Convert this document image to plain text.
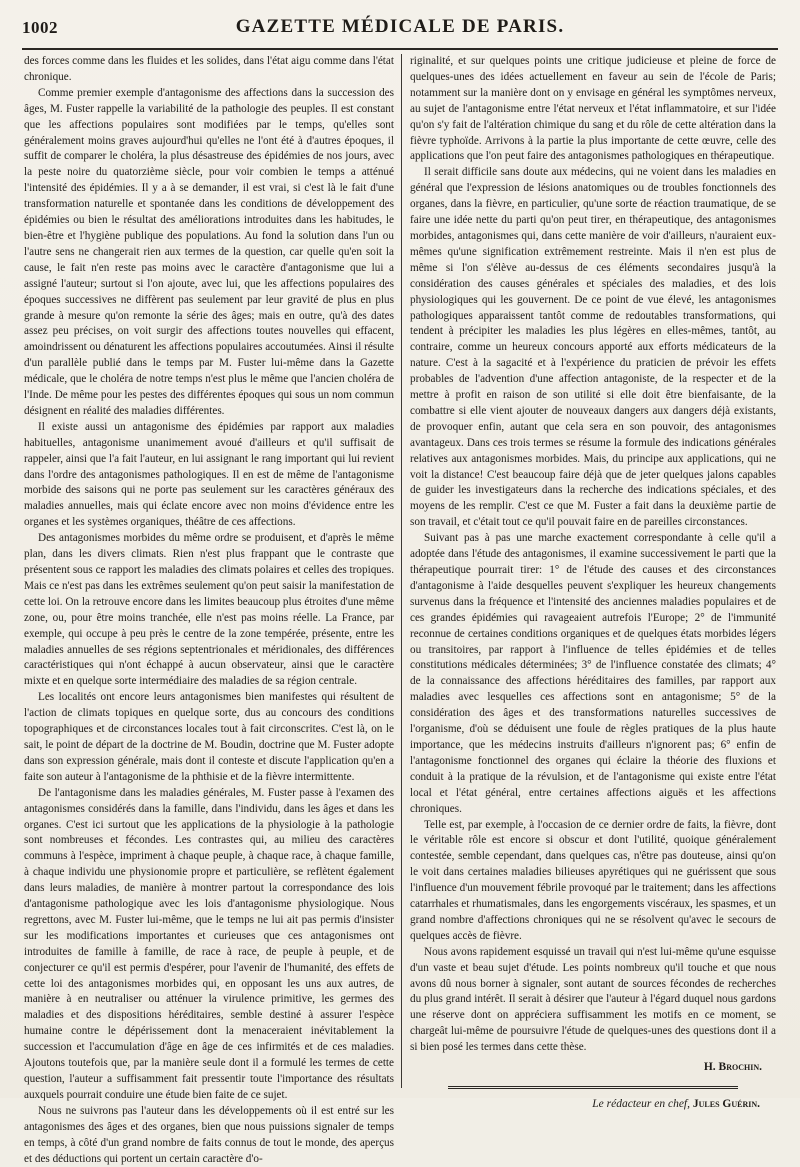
1002	GAZETTE MÉDICALE DE PARIS.

des forces comme dans les fluides et les solides, dans l'état aigu comme dans l'état chronique.

Comme premier exemple d'antagonisme des affections dans la succession des âges, M. Fuster rappelle la variabilité de la pathologie des peuples. Il est constant que les affections populaires sont modifiées par le temps, qu'elles sont généralement moins graves aujourd'hui qu'elles ne l'ont été à d'autres époques, il suffit de comparer le choléra, la plus désastreuse des épidémies de nos jours, avec la peste noire du quatorzième siècle, pour voir combien le temps a atténué l'intensité des épidémies. Il y a à se demander, il est vrai, si c'est là le fait d'une transformation naturelle et spontanée dans les conditions de développement des épidémies ou bien le résultat des améliorations introduites dans les habitudes, le bien-être et l'hygiène publique des populations. Au fond la solution dans l'un ou l'autre sens ne changerait rien aux termes de la question, car quelle qu'en soit la cause, le fait n'en reste pas moins avec le caractère d'antagonisme que lui a assigné l'auteur; surtout si l'on ajoute, avec lui, que les affections populaires des époques successives ne diffèrent pas seulement par leur gravité de plus en plus grande à mesure qu'on remonte la série des âges; mais en outre, qu'à des dates assez peu précises, on voit surgir des affections toutes nouvelles qui effacent, amoindrissent ou dénaturent les affections populaires accoutumées. Ainsi il résulte d'un parallèle publié dans le temps par M. Fuster lui-même dans la Gazette médicale, que le choléra de notre temps n'est plus le même que l'ancien choléra de l'Inde. De même pour les pestes des différentes époques qui sous un nom commun désignent en réalité des maladies différentes.

Il existe aussi un antagonisme des épidémies par rapport aux maladies habituelles, antagonisme unanimement avoué d'ailleurs et qu'il suffisait de rappeler, ainsi que l'a fait l'auteur, en lui assignant le rang important qui lui revient dans l'ordre des antagonismes pathologiques. Il en est de même de l'antagonisme morbide des saisons qui ne porte pas seulement sur les caractères généraux des maladies annuelles, mais qui éclate encore avec non moins d'évidence entre les organes et les systèmes organiques, théâtre de ces affections.

Des antagonismes morbides du même ordre se produisent, et d'après le même plan, dans les divers climats. Rien n'est plus frappant que le contraste que présentent sous ce rapport les maladies des climats polaires et celles des tropiques. Mais ce n'est pas dans les extrêmes seulement qu'on peut saisir la manifestation de cette loi. On la retrouve encore dans les limites beaucoup plus étroites d'une même zone, ou, pour être moins tranchée, elle n'est pas moins réelle. La France, par exemple, qui occupe à peu près le centre de la zone tempérée, présente, entre les maladies annuelles de ses régions septentrionales et méridionales, des différences caractéristiques qui n'ont échappé à aucun observateur, ainsi que le caractère mixte et en quelque sorte intermédiaire des maladies de sa région centrale.

Les localités ont encore leurs antagonismes bien manifestes qui résultent de l'action de climats topiques en quelque sorte, dus au concours des conditions topographiques et de circonstances locales tout à fait circonscrites. C'est là, on le sait, le point de départ de la doctrine de M. Boudin, doctrine que M. Fuster adopte dans son expression générale, mais dont il conteste et discute l'application qu'en a faite son auteur à l'antagonisme de la phthisie et de la fièvre intermittente.

De l'antagonisme dans les maladies générales, M. Fuster passe à l'examen des antagonismes considérés dans la famille, dans l'individu, dans les âges et dans les organes. C'est ici surtout que les applications de la physiologie à la pathologie sont nombreuses et fécondes. Les contrastes qui, au milieu des caractères communs à l'espèce, impriment à chaque peuple, à chaque race, à chaque famille, à chaque individu une physionomie propre et particulière, se reflètent également dans leurs maladies, de manière à montrer partout la correspondance des lois d'antagonisme pathologique avec les lois d'antagonisme physiologique. Nous regrettons, avec M. Fuster lui-même, que le temps ne lui ait pas permis d'insister sur les modifications importantes et curieuses que ces antagonismes ont introduites de famille à famille, de race à race, de peuple à peuple, et de conjecturer ce qu'il est permis d'espérer, pour l'avenir de l'humanité, des effets de cette loi des antagonismes morbides qui, en opposant les uns aux autres, de manière à en neutraliser ou atténuer la virulence primitive, les germes des maladies et des dispositions héréditaires, semble destiné à assurer l'espèce humaine contre le dépérissement dont la menaceraient inévitablement la succession et l'accumulation d'âge en âge de ces infirmités et de ces maladies. Ajoutons toutefois que, par la manière seule dont il a formulé les termes de cette question, l'auteur a suffisamment fait pressentir toute l'importance des résultats auxquels pourrait conduire une étude bien faite de ce sujet.

Nous ne suivrons pas l'auteur dans les développements où il est entré sur les antagonismes des âges et des organes, bien que nous puissions signaler de temps en temps, à côté d'un grand nombre de faits connus de tout le monde, des aperçus et des déductions qui portent un certain caractère d'o-

riginalité, et sur quelques points une critique judicieuse et pleine de force de quelques-unes des idées actuellement en faveur au sein de l'école de Paris; notamment sur la manière dont on y envisage en général les symptômes nerveux, au sujet de l'antagonisme entre l'état nerveux et l'état inflammatoire, et sur l'idée qu'on s'y fait de l'altération chimique du sang et du rôle de cette altération dans la fièvre typhoïde. Arrivons à la partie la plus importante de cette œuvre, celle des applications que l'on peut faire des antagonismes pathologiques en thérapeutique.

Il serait difficile sans doute aux médecins, qui ne voient dans les maladies en général que l'expression de lésions anatomiques ou de troubles fonctionnels des organes, dans la fièvre, en particulier, qu'une sorte de réaction traumatique, de se faire une idée nette du parti qu'on peut tirer, en thérapeutique, des antagonismes morbides, antagonismes qui, dans cette manière de voir d'ailleurs, n'auraient eux-mêmes qu'une signification extrêmement restreinte. Mais il n'en est plus de même si l'on s'élève au-dessus de ces éléments secondaires jusqu'à la considération des causes générales et spéciales des maladies, et des lois physiologiques qui les gouvernent. De ce point de vue élevé, les antagonismes pathologiques apparaissent tantôt comme de redoutables transformations, qui tendent à précipiter les maladies les plus légères en elles-mêmes, tantôt, au contraire, comme un heureux concours apporté aux efforts médicateurs de la nature. C'est à la sagacité et à l'expérience du praticien de prévoir les effets probables de l'advention d'une affection antagoniste, de la respecter et de la mettre à profit en raison de son utilité si elle doit être bienfaisante, de la combattre si elle vient ajouter de nouveaux dangers aux dangers déjà existants, de provoquer enfin, autant que cela sera en son pouvoir, des antagonismes avantageux. Dans ces trois termes se résume la formule des indications générales relatives aux antagonismes morbides. Mais, du principe aux applications, qui ne voit la distance! C'est beaucoup faire déjà que de jeter quelques jalons capables de guider les investigateurs dans la recherche des indications spéciales, et des moyens de les remplir. C'est ce que M. Fuster a fait dans la deuxième partie de son travail, et c'était tout ce qu'il pouvait faire en de pareilles circonstances.

Suivant pas à pas une marche exactement correspondante à celle qu'il a adoptée dans l'étude des antagonismes, il examine successivement le parti que la thérapeutique pourrait tirer: 1° de l'étude des causes et des circonstances d'antagonisme à l'aide desquelles peuvent s'expliquer les heureux changements survenus dans la fréquence et l'intensité des anciennes maladies populaires et de ces grandes épidémies qui ravageaient autrefois l'Europe; 2° de l'immunité reconnue de certaines conditions organiques et de quelques états morbides légers ou transitoires, par rapport à l'influence de telles épidémies et de telles constitutions médicales déterminées; 3° de l'influence constatée des climats; 4° de la connaissance des affections héréditaires des familles, par rapport aux maladies avec lesquelles ces affections sont en antagonisme; 5° de la considération des âges et des transformations naturelles successives de l'organisme, d'où se déduisent une foule de règles pratiques de la plus haute importance, que les médecins instruits d'ailleurs n'ignorent pas; 6° enfin de l'antagonisme fonctionnel des organes qui éclaire la théorie des fluxions et conduit à la pratique de la révulsion, et de l'antagonisme qui existe entre l'état local et l'état général, entre certaines affections aiguës et les affections chroniques.

Telle est, par exemple, à l'occasion de ce dernier ordre de faits, la fièvre, dont le véritable rôle est encore si obscur et dont l'utilité, quoique généralement contestée, semble cependant, dans quelques cas, n'être pas douteuse, ainsi qu'on le voit dans certaines maladies bilieuses apyrétiques qui ne guérissent que sous l'influence d'un mouvement fébrile provoqué par le traitement; dans les affections catarrhales et rhumatismales, dans les engorgements viscéraux, les spasmes, et un grand nombre d'affections chroniques qui ne se résolvent qu'avec le secours de quelques accès de fièvre.

Nous avons rapidement esquissé un travail qui n'est lui-même qu'une esquisse d'un vaste et beau sujet d'étude. Les points nombreux qu'il touche et que nous avons dû nous borner à signaler, sont autant de sources fécondes de recherches du plus grand intérêt. Il serait à désirer que l'auteur à l'égard duquel nous gardons une réserve dont on appréciera suffisamment les motifs en ce moment, se chargeât lui-même de poursuivre l'étude de quelques-unes des questions dont il a si bien posé les termes dans cette thèse.

H. Brochin.
Le rédacteur en chef, Jules Guérin.
